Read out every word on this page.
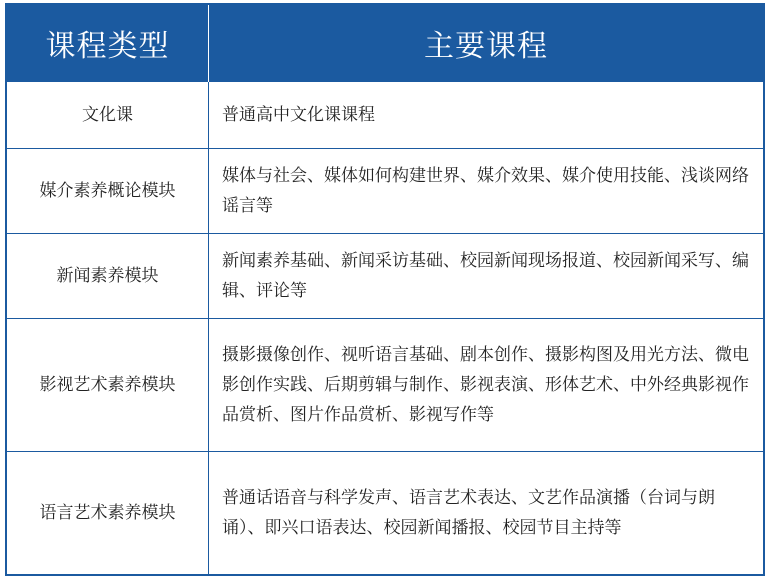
课程类型	主要课程
文化课	普通高中文化课课程
媒介素养概论模块	媒体与社会、媒体如何构建世界、媒介效果、媒介使用技能、浅谈网络谣言等
新闻素养模块	新闻素养基础、新闻采访基础、校园新闻现场报道、校园新闻采写、编辑、评论等
影视艺术素养模块	摄影摄像创作、视听语言基础、剧本创作、摄影构图及用光方法、微电影创作实践、后期剪辑与制作、影视表演、形体艺术、中外经典影视作品赏析、图片作品赏析、影视写作等
语言艺术素养模块	普通话语音与科学发声、语言艺术表达、文艺作品演播（台词与朗诵）、即兴口语表达、校园新闻播报、校园节目主持等
